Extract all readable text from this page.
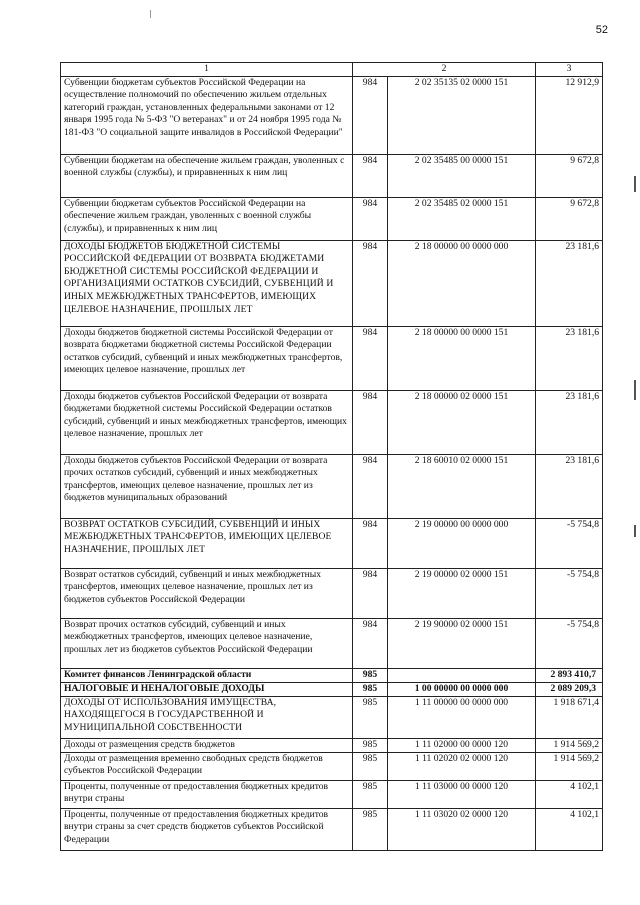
52
1	2		3
Субвенции бюджетам субъектов Российской Федерации на осуществление полномочий по обеспечению жильем отдельных категорий граждан, установленных федеральными законами от 12 января 1995 года № 5-ФЗ "О ветеранах" и от 24 ноября 1995 года № 181-ФЗ "О социальной защите инвалидов в Российской Федерации"	984	2 02 35135 02 0000 151	12 912,9
Субвенции бюджетам на обеспечение жильем граждан, уволенных с военной службы (службы), и приравненных к ним лиц	984	2 02 35485 00 0000 151	9 672,8
Субвенции бюджетам субъектов Российской Федерации на обеспечение жильем граждан, уволенных с военной службы (службы), и приравненных к ним лиц	984	2 02 35485 02 0000 151	9 672,8
ДОХОДЫ БЮДЖЕТОВ БЮДЖЕТНОЙ СИСТЕМЫ РОССИЙСКОЙ ФЕДЕРАЦИИ ОТ ВОЗВРАТА БЮДЖЕТАМИ БЮДЖЕТНОЙ СИСТЕМЫ РОССИЙСКОЙ ФЕДЕРАЦИИ И ОРГАНИЗАЦИЯМИ ОСТАТКОВ СУБСИДИЙ, СУБВЕНЦИЙ И ИНЫХ МЕЖБЮДЖЕТНЫХ ТРАНСФЕРТОВ, ИМЕЮЩИХ ЦЕЛЕВОЕ НАЗНАЧЕНИЕ, ПРОШЛЫХ ЛЕТ	984	2 18 00000 00 0000 000	23 181,6
Доходы бюджетов бюджетной системы Российской Федерации от возврата бюджетами бюджетной системы Российской Федерации остатков субсидий, субвенций и иных межбюджетных трансфертов, имеющих целевое назначение, прошлых лет	984	2 18 00000 00 0000 151	23 181,6
Доходы бюджетов субъектов Российской Федерации от возврата бюджетами бюджетной системы Российской Федерации остатков субсидий, субвенций и иных межбюджетных трансфертов, имеющих целевое назначение, прошлых лет	984	2 18 00000 02 0000 151	23 181,6
Доходы бюджетов субъектов Российской Федерации от возврата прочих остатков субсидий, субвенций и иных межбюджетных трансфертов, имеющих целевое назначение, прошлых лет из бюджетов муниципальных образований	984	2 18 60010 02 0000 151	23 181,6
ВОЗВРАТ ОСТАТКОВ СУБСИДИЙ, СУБВЕНЦИЙ И ИНЫХ МЕЖБЮДЖЕТНЫХ ТРАНСФЕРТОВ, ИМЕЮЩИХ ЦЕЛЕВОЕ НАЗНАЧЕНИЕ, ПРОШЛЫХ ЛЕТ	984	2 19 00000 00 0000 000	-5 754,8
Возврат остатков субсидий, субвенций и иных межбюджетных трансфертов, имеющих целевое назначение, прошлых лет из бюджетов субъектов Российской Федерации	984	2 19 00000 02 0000 151	-5 754,8
Возврат прочих остатков субсидий, субвенций и иных межбюджетных трансфертов, имеющих целевое назначение, прошлых лет из бюджетов субъектов Российской Федерации	984	2 19 90000 02 0000 151	-5 754,8
Комитет финансов Ленинградской области	985		2 893 410,7
НАЛОГОВЫЕ И НЕНАЛОГОВЫЕ ДОХОДЫ	985	1 00 00000 00 0000 000	2 089 209,3
ДОХОДЫ ОТ ИСПОЛЬЗОВАНИЯ ИМУЩЕСТВА, НАХОДЯЩЕГОСЯ В ГОСУДАРСТВЕННОЙ И МУНИЦИПАЛЬНОЙ СОБСТВЕННОСТИ	985	1 11 00000 00 0000 000	1 918 671,4
Доходы от размещения средств бюджетов	985	1 11 02000 00 0000 120	1 914 569,2
Доходы от размещения временно свободных средств бюджетов субъектов Российской Федерации	985	1 11 02020 02 0000 120	1 914 569,2
Проценты, полученные от предоставления бюджетных кредитов внутри страны	985	1 11 03000 00 0000 120	4 102,1
Проценты, полученные от предоставления бюджетных кредитов внутри страны за счет средств бюджетов субъектов Российской Федерации	985	1 11 03020 02 0000 120	4 102,1
